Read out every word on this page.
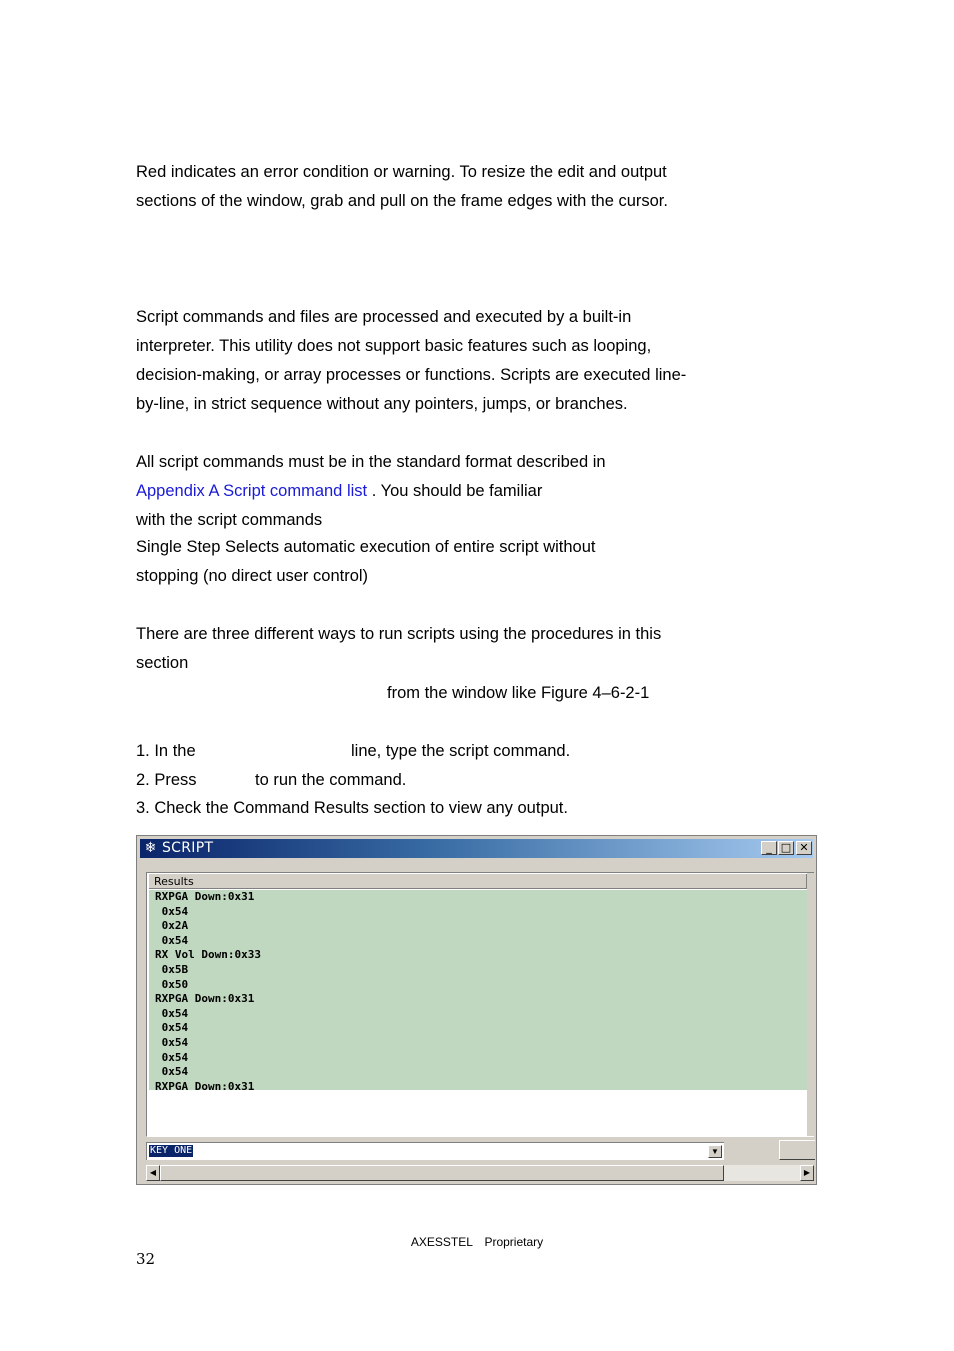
Red indicates an error condition or warning. To resize the edit and output sections of the window, grab and pull on the frame edges with the cursor.

Script commands and files are processed and executed by a built-in interpreter. This utility does not support basic features such as looping, decision-making, or array processes or functions. Scripts are executed line-by-line, in strict sequence without any pointers, jumps, or branches.

All script commands must be in the standard format described in
Appendix A Script command list . You should be familiar
with the script commands

Single Step Selects automatic execution of entire script without stopping (no direct user control)

There are three different ways to run scripts using the procedures in this section

from the window like Figure 4–6-2-1
1. In the	line, type the script command.
2. Press	to run the command.
3. Check the Command Results section to view any output.
❄ SCRIPT	_ □ ✕
Results
RXPGA Down:0x31
0x54
0x2A
0x54
RX Vol Down:0x33
0x5B
0x50
RXPGA Down:0x31
0x54
0x54
0x54
0x54
0x54
RXPGA Down:0x31
KEY ONE	▼
◀	▶
AXESSTEL　Proprietary
32
